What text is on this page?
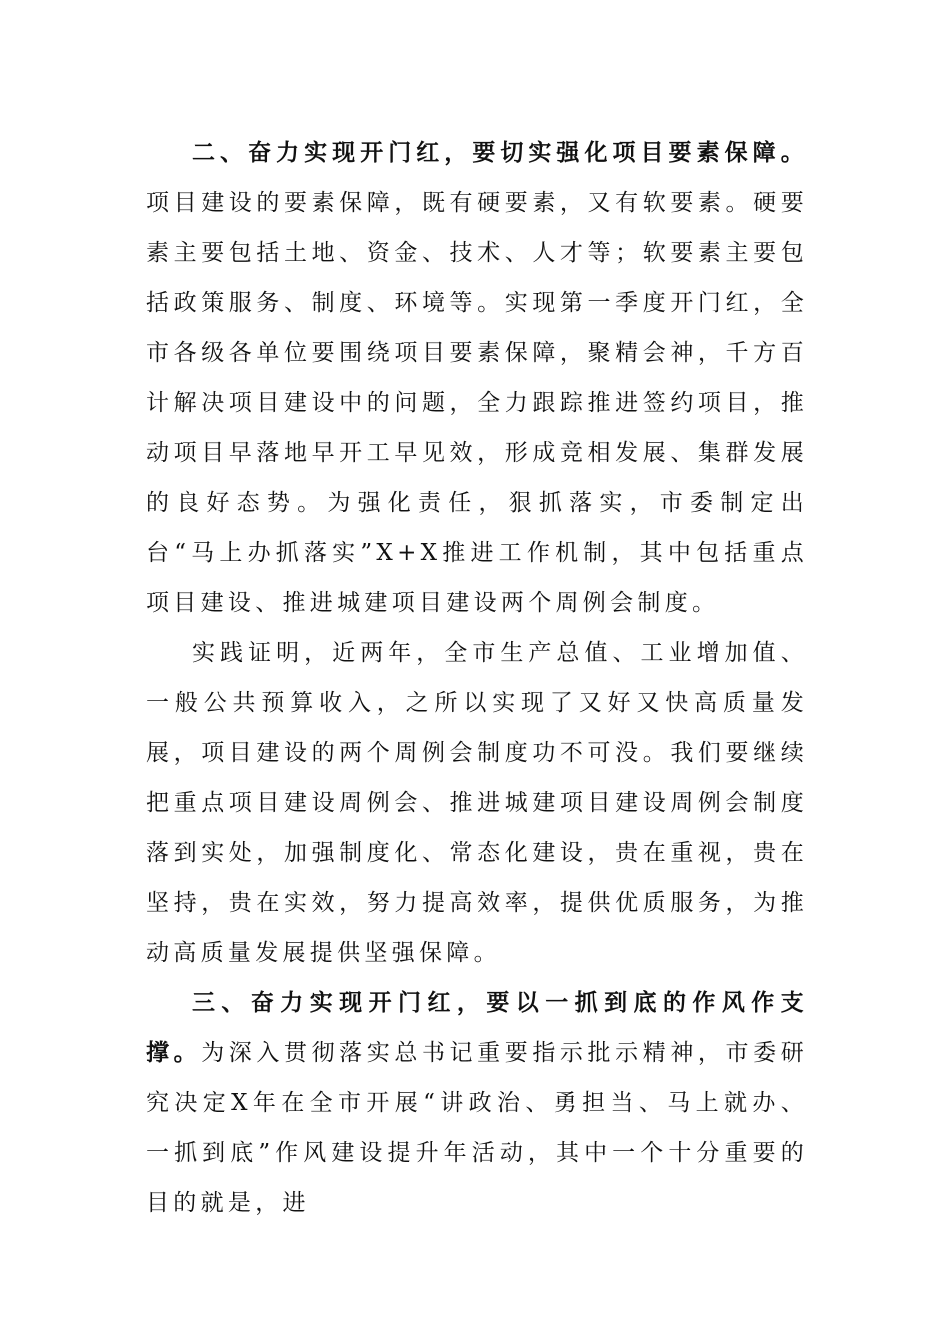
二、奋力实现开门红，要切实强化项目要素保障。项目建设的要素保障，既有硬要素，又有软要素。硬要素主要包括土地、资金、技术、人才等；软要素主要包括政策服务、制度、环境等。实现第一季度开门红，全市各级各单位要围绕项目要素保障，聚精会神，千方百计解决项目建设中的问题，全力跟踪推进签约项目，推动项目早落地早开工早见效，形成竞相发展、集群发展的良好态势。为强化责任，狠抓落实，市委制定出台“马上办抓落实”X+X推进工作机制，其中包括重点项目建设、推进城建项目建设两个周例会制度。

实践证明，近两年，全市生产总值、工业增加值、一般公共预算收入，之所以实现了又好又快高质量发展，项目建设的两个周例会制度功不可没。我们要继续把重点项目建设周例会、推进城建项目建设周例会制度落到实处，加强制度化、常态化建设，贵在重视，贵在坚持，贵在实效，努力提高效率，提供优质服务，为推动高质量发展提供坚强保障。

三、奋力实现开门红，要以一抓到底的作风作支撑。为深入贯彻落实总书记重要指示批示精神，市委研究决定X年在全市开展“讲政治、勇担当、马上就办、一抓到底”作风建设提升年活动，其中一个十分重要的目的就是，进
